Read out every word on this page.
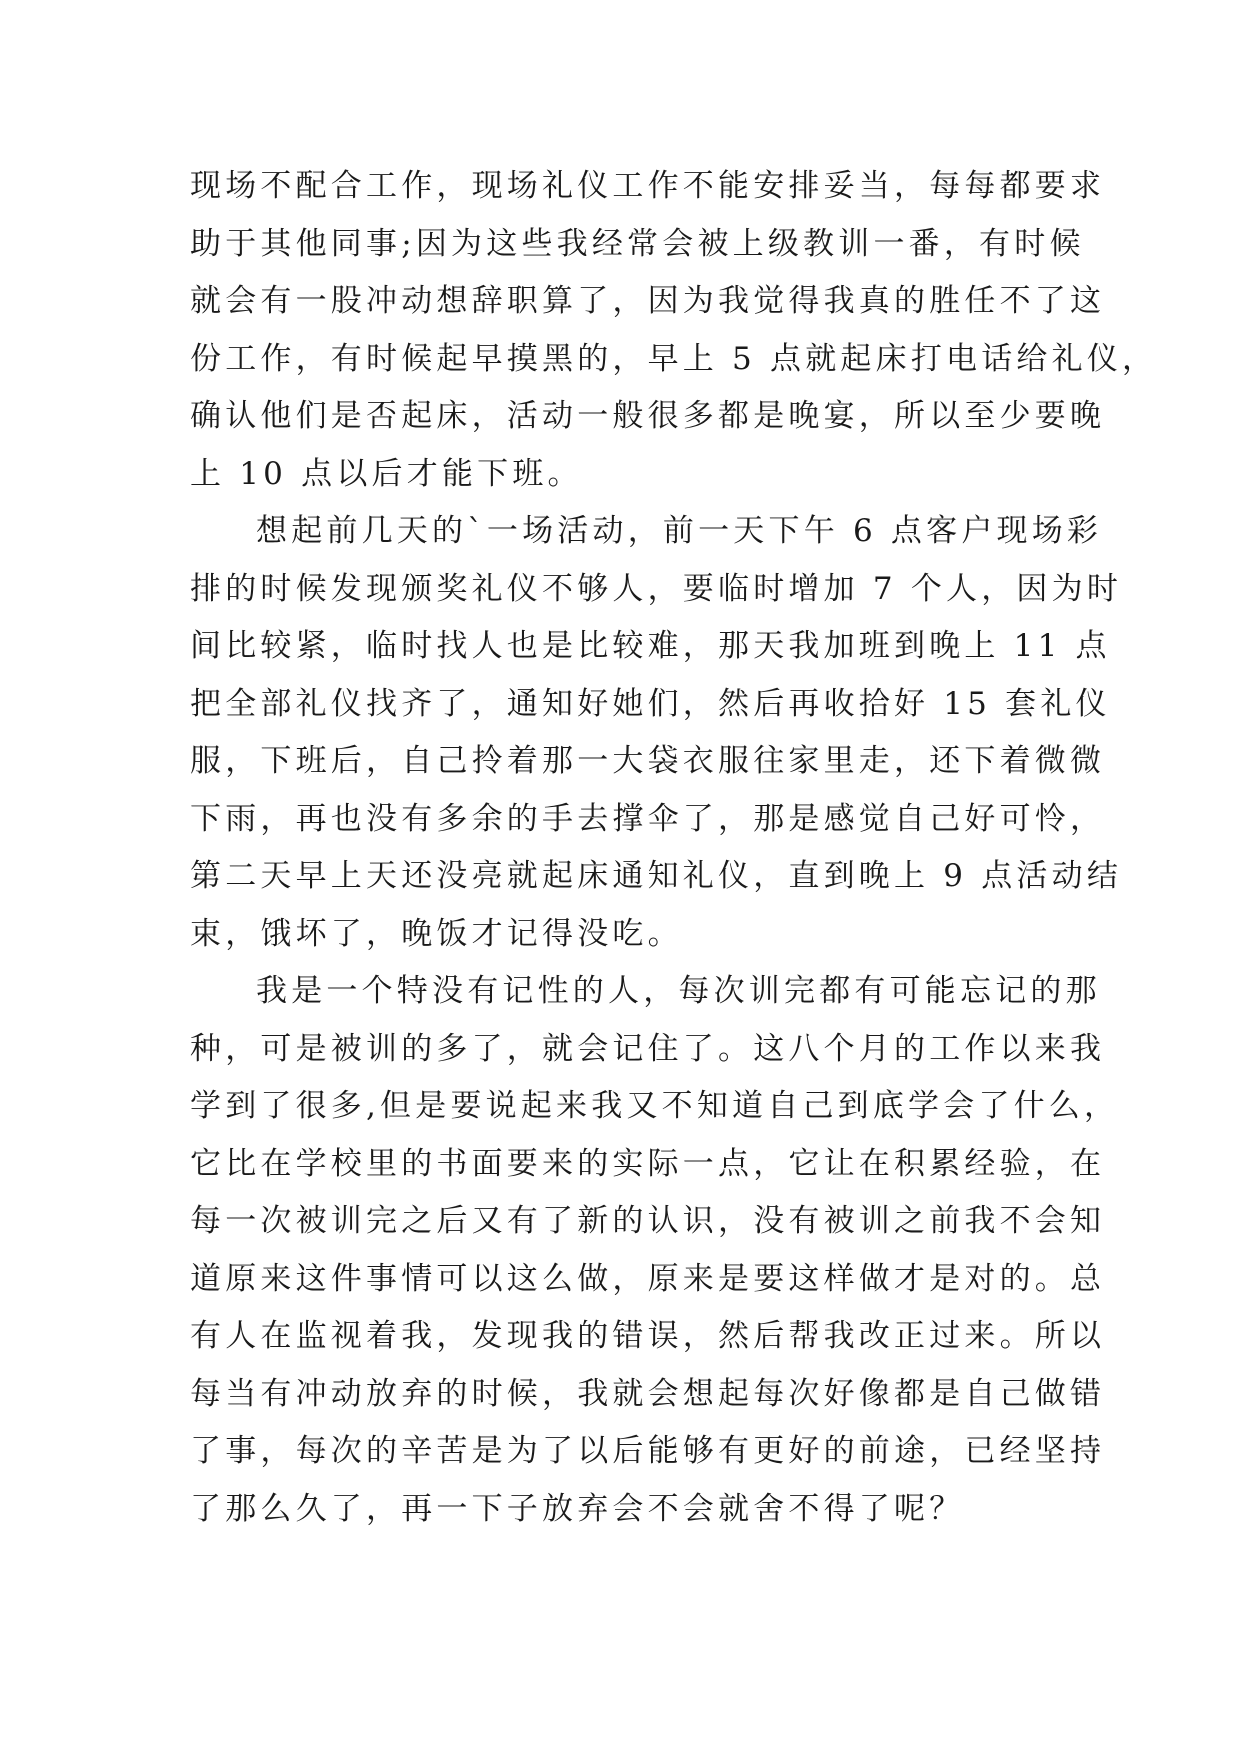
现场不配合工作，现场礼仪工作不能安排妥当，每每都要求
助于其他同事;因为这些我经常会被上级教训一番，有时候
就会有一股冲动想辞职算了，因为我觉得我真的胜任不了这
份工作，有时候起早摸黑的，早上 5 点就起床打电话给礼仪，
确认他们是否起床，活动一般很多都是晚宴，所以至少要晚
上 10 点以后才能下班。
想起前几天的`一场活动，前一天下午 6 点客户现场彩
排的时候发现颁奖礼仪不够人，要临时增加 7 个人，因为时
间比较紧，临时找人也是比较难，那天我加班到晚上 11 点
把全部礼仪找齐了，通知好她们，然后再收拾好 15 套礼仪
服，下班后，自己拎着那一大袋衣服往家里走，还下着微微
下雨，再也没有多余的手去撑伞了，那是感觉自己好可怜，
第二天早上天还没亮就起床通知礼仪，直到晚上 9 点活动结
束，饿坏了，晚饭才记得没吃。
我是一个特没有记性的人，每次训完都有可能忘记的那
种，可是被训的多了，就会记住了。这八个月的工作以来我
学到了很多,但是要说起来我又不知道自己到底学会了什么，
它比在学校里的书面要来的实际一点，它让在积累经验，在
每一次被训完之后又有了新的认识，没有被训之前我不会知
道原来这件事情可以这么做，原来是要这样做才是对的。总
有人在监视着我，发现我的错误，然后帮我改正过来。所以
每当有冲动放弃的时候，我就会想起每次好像都是自己做错
了事，每次的辛苦是为了以后能够有更好的前途，已经坚持
了那么久了，再一下子放弃会不会就舍不得了呢？
